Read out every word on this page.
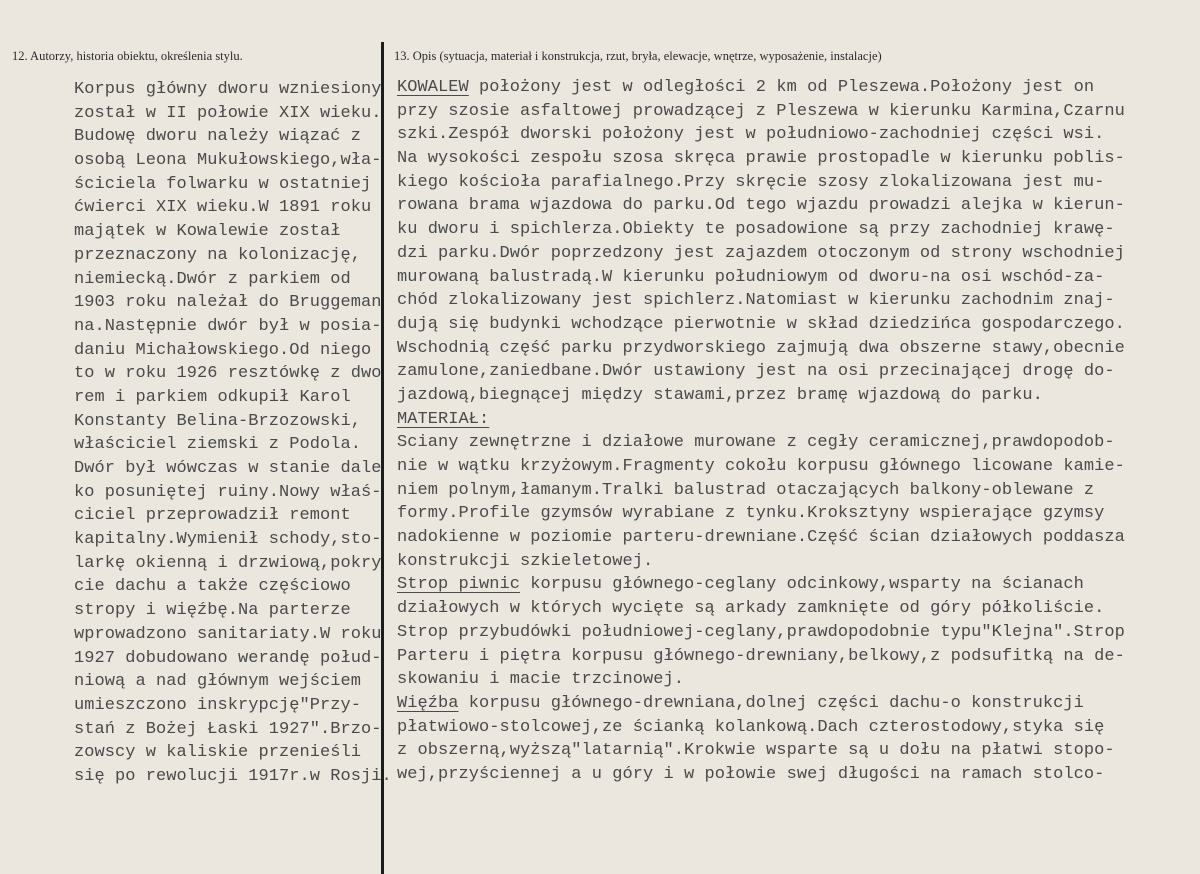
12. Autorzy, historia obiektu, określenia stylu.	13. Opis (sytuacja, materiał i konstrukcja, rzut, bryła, elewacje, wnętrze, wyposażenie, instalacje)
Korpus główny dworu wzniesiony
został w II połowie XIX wieku.
Budowę dworu należy wiązać z
osobą Leona Mukułowskiego,wła-
ściciela folwarku w ostatniej
ćwierci XIX wieku.W 1891 roku
majątek w Kowalewie został
przeznaczony na kolonizację,
niemiecką.Dwór z parkiem od
1903 roku należał do Bruggeman
na.Następnie dwór był w posia-
daniu Michałowskiego.Od niego
to w roku 1926 resztówkę z dwo
rem i parkiem odkupił Karol
Konstanty Belina-Brzozowski,
właściciel ziemski z Podola.
Dwór był wówczas w stanie dale
ko posuniętej ruiny.Nowy właś-
ciciel przeprowadził remont
kapitalny.Wymienił schody,sto-
larkę okienną i drzwiową,pokry
cie dachu a także częściowo
stropy i więźbę.Na parterze
wprowadzono sanitariaty.W roku
1927 dobudowano werandę połud-
niową a nad głównym wejściem
umieszczono inskrypcję"Przy-
stań z Bożej Łaski 1927".Brzo-
zowscy w kaliskie przenieśli
się po rewolucji 1917r.w Rosji.
KOWALEW położony jest w odległości 2 km od Pleszewa.Położony jest on
przy szosie asfaltowej prowadzącej z Pleszewa w kierunku Karmina,Czarnu
szki.Zespół dworski położony jest w południowo-zachodniej części wsi.
Na wysokości zespołu szosa skręca prawie prostopadle w kierunku poblis-
kiego kościoła parafialnego.Przy skręcie szosy zlokalizowana jest mu-
rowana brama wjazdowa do parku.Od tego wjazdu prowadzi alejka w kierun-
ku dworu i spichlerza.Obiekty te posadowione są przy zachodniej krawę-
dzi parku.Dwór poprzedzony jest zajazdem otoczonym od strony wschodniej
murowaną balustradą.W kierunku południowym od dworu-na osi wschód-za-
chód zlokalizowany jest spichlerz.Natomiast w kierunku zachodnim znaj-
dują się budynki wchodzące pierwotnie w skład dziedzińca gospodarczego.
Wschodnią część parku przydworskiego zajmują dwa obszerne stawy,obecnie
zamulone,zaniedbane.Dwór ustawiony jest na osi przecinającej drogę do-
jazdową,biegnącej między stawami,przez bramę wjazdową do parku.
MATERIAŁ:
Sciany zewnętrzne i działowe murowane z cegły ceramicznej,prawdopodob-
nie w wątku krzyżowym.Fragmenty cokołu korpusu głównego licowane kamie-
niem polnym,łamanym.Tralki balustrad otaczających balkony-oblewane z
formy.Profile gzymsów wyrabiane z tynku.Kroksztyny wspierające gzymsy
nadokienne w poziomie parteru-drewniane.Część ścian działowych poddasza
konstrukcji szkieletowej.
Strop piwnic korpusu głównego-ceglany odcinkowy,wsparty na ścianach
działowych w których wycięte są arkady zamknięte od góry półkoliście.
Strop przybudówki południowej-ceglany,prawdopodobnie typu"Klejna".Strop
Parteru i piętra korpusu głównego-drewniany,belkowy,z podsufitką na de-
skowaniu i macie trzcinowej.
Więźba korpusu głównego-drewniana,dolnej części dachu-o konstrukcji
płatwiowo-stolcowej,ze ścianką kolankową.Dach czterostodowy,styka się
z obszerną,wyższą"latarnią".Krokwie wsparte są u dołu na płatwi stopo-
wej,przyściennej a u góry i w połowie swej długości na ramach stolco-
